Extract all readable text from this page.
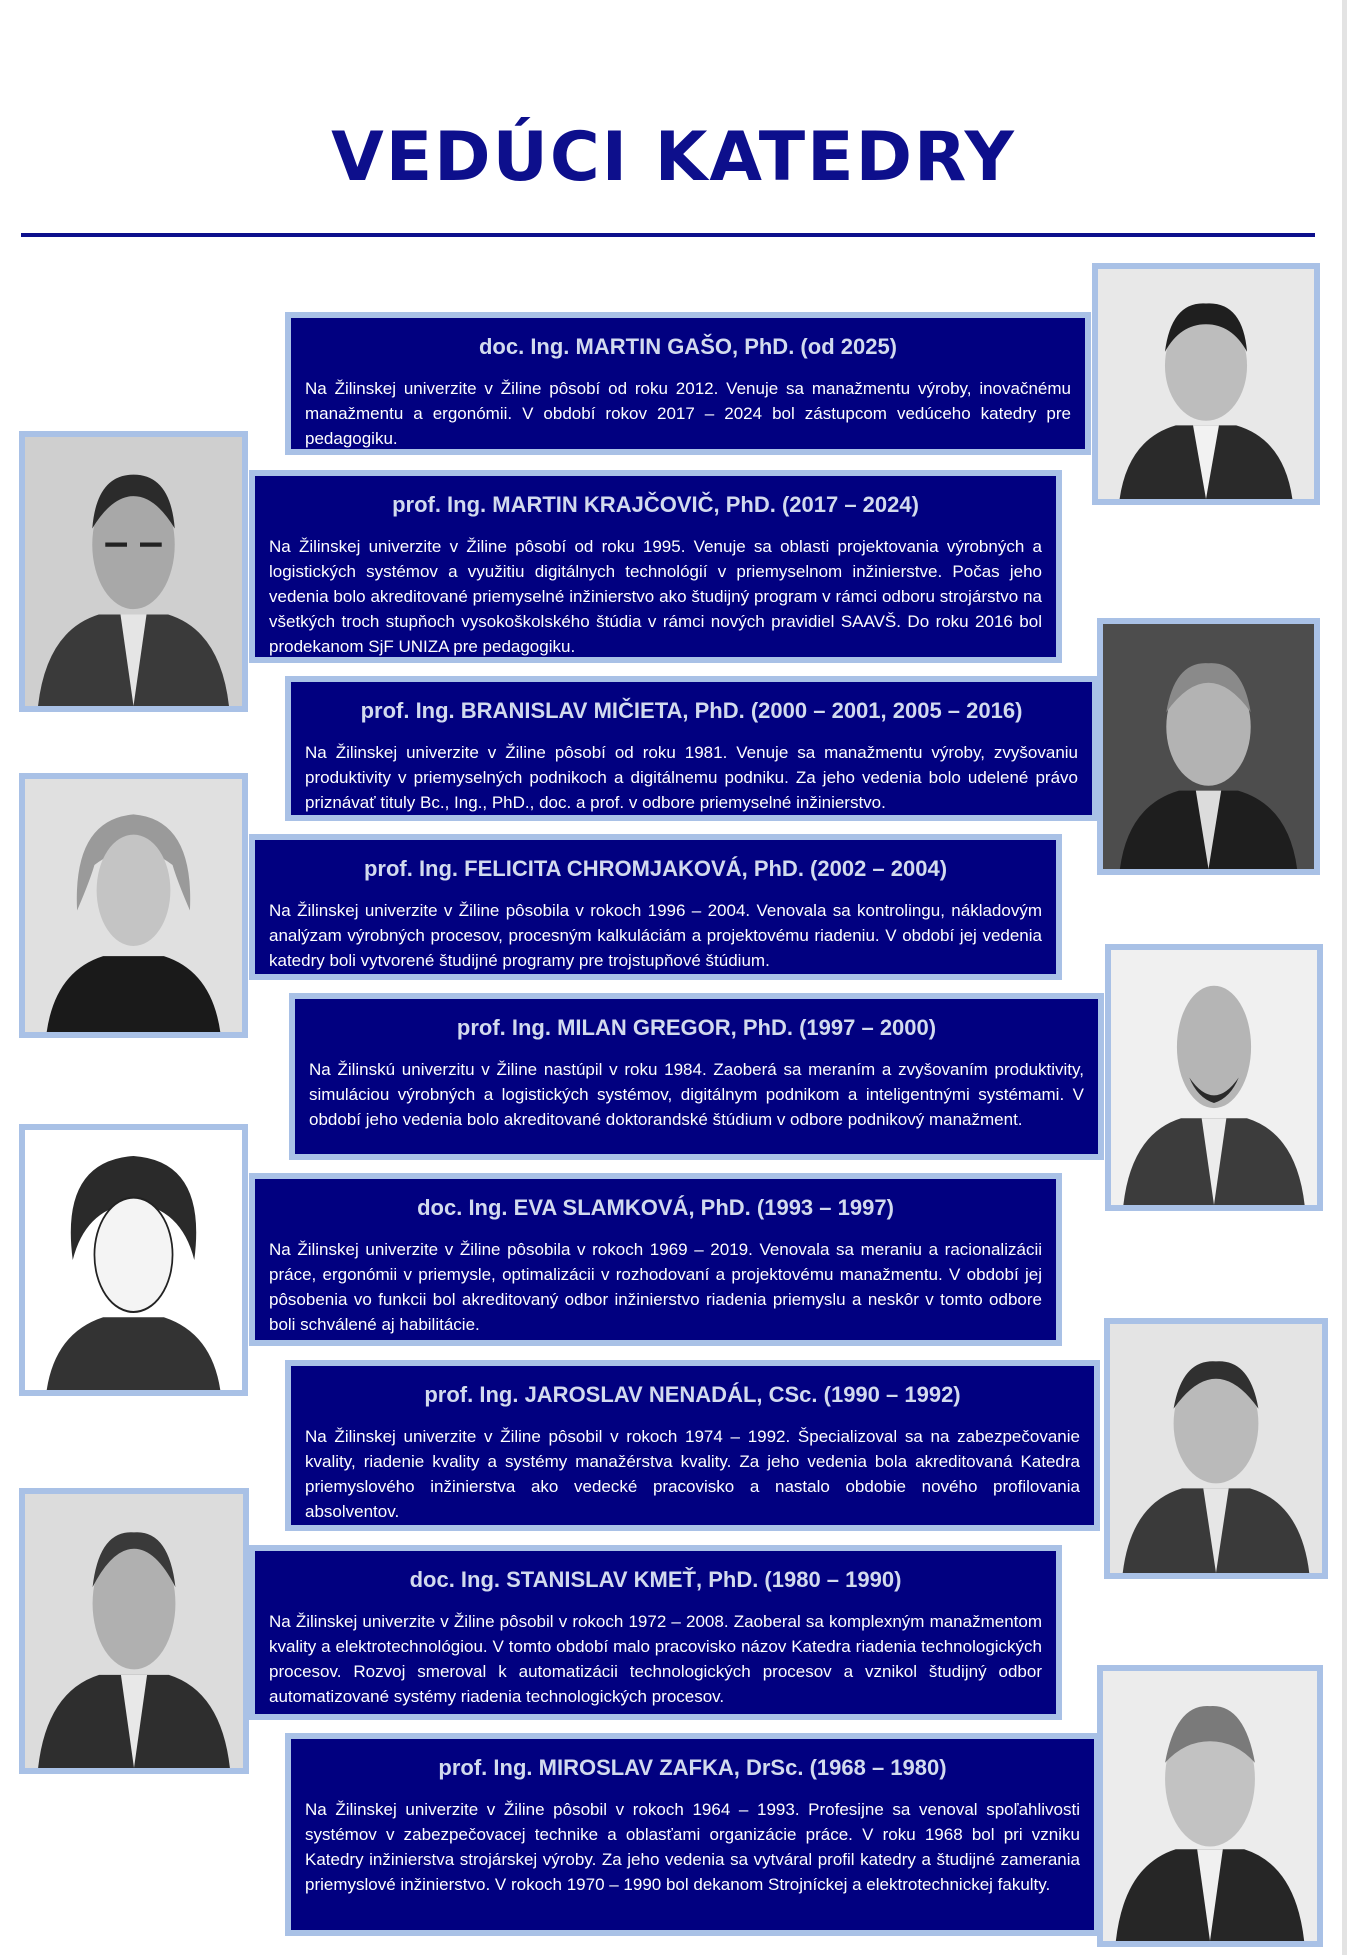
VEDÚCI KATEDRY
doc. Ing. MARTIN GAŠO, PhD. (od 2025)

Na Žilinskej univerzite v Žiline pôsobí od roku 2012. Venuje sa manažmentu výroby, inovačnému manažmentu a ergonómii. V období rokov 2017 – 2024 bol zástupcom vedúceho katedry pre pedagogiku.

prof. Ing. MARTIN KRAJČOVIČ, PhD. (2017 – 2024)

Na Žilinskej univerzite v Žiline pôsobí od roku 1995. Venuje sa oblasti projektovania výrobných a logistických systémov a využitiu digitálnych technológií v priemyselnom inžinierstve. Počas jeho vedenia bolo akreditované priemyselné inžinierstvo ako študijný program v rámci odboru strojárstvo na všetkých troch stupňoch vysokoškolského štúdia v rámci nových pravidiel SAAVŠ. Do roku 2016 bol prodekanom SjF UNIZA pre pedagogiku.

prof. Ing. BRANISLAV MIČIETA, PhD. (2000 – 2001, 2005 – 2016)

Na Žilinskej univerzite v Žiline pôsobí od roku 1981. Venuje sa manažmentu výroby, zvyšovaniu produktivity v priemyselných podnikoch a digitálnemu podniku. Za jeho vedenia bolo udelené právo priznávať tituly Bc., Ing., PhD., doc. a prof. v odbore priemyselné inžinierstvo.

prof. Ing. FELICITA CHROMJAKOVÁ, PhD. (2002 – 2004)

Na Žilinskej univerzite v Žiline pôsobila v rokoch 1996 – 2004. Venovala sa kontrolingu, nákladovým analýzam výrobných procesov, procesným kalkuláciám a projektovému riadeniu. V období jej vedenia katedry boli vytvorené študijné programy pre trojstupňové štúdium.

prof. Ing. MILAN GREGOR, PhD. (1997 – 2000)

Na Žilinskú univerzitu v Žiline nastúpil v roku 1984. Zaoberá sa meraním a zvyšovaním produktivity, simuláciou výrobných a logistických systémov, digitálnym podnikom a inteligentnými systémami. V období jeho vedenia bolo akreditované doktorandské štúdium v odbore podnikový manažment.

doc. Ing. EVA SLAMKOVÁ, PhD. (1993 – 1997)

Na Žilinskej univerzite v Žiline pôsobila v rokoch 1969 – 2019. Venovala sa meraniu a racionalizácii práce, ergonómii v priemysle, optimalizácii v rozhodovaní a projektovému manažmentu. V období jej pôsobenia vo funkcii bol akreditovaný odbor inžinierstvo riadenia priemyslu a neskôr v tomto odbore boli schválené aj habilitácie.

prof. Ing. JAROSLAV NENADÁL, CSc. (1990 – 1992)

Na Žilinskej univerzite v Žiline pôsobil v rokoch 1974 – 1992. Špecializoval sa na zabezpečovanie kvality, riadenie kvality a systémy manažérstva kvality. Za jeho vedenia bola akreditovaná Katedra priemyslového inžinierstva ako vedecké pracovisko a nastalo obdobie nového profilovania absolventov.

doc. Ing. STANISLAV KMEŤ, PhD. (1980 – 1990)

Na Žilinskej univerzite v Žiline pôsobil v rokoch 1972 – 2008. Zaoberal sa komplexným manažmentom kvality a elektrotechnológiou. V tomto období malo pracovisko názov Katedra riadenia technologických procesov. Rozvoj smeroval k automatizácii technologických procesov a vznikol študijný odbor automatizované systémy riadenia technologických procesov.

prof. Ing. MIROSLAV ZAFKA, DrSc. (1968 – 1980)

Na Žilinskej univerzite v Žiline pôsobil v rokoch 1964 – 1993. Profesijne sa venoval spoľahlivosti systémov v zabezpečovacej technike a oblasťami organizácie práce. V roku 1968 bol pri vzniku Katedry inžinierstva strojárskej výroby. Za jeho vedenia sa vytváral profil katedry a študijné zamerania priemyslové inžinierstvo. V rokoch 1970 – 1990 bol dekanom Strojníckej a elektrotechnickej fakulty.
